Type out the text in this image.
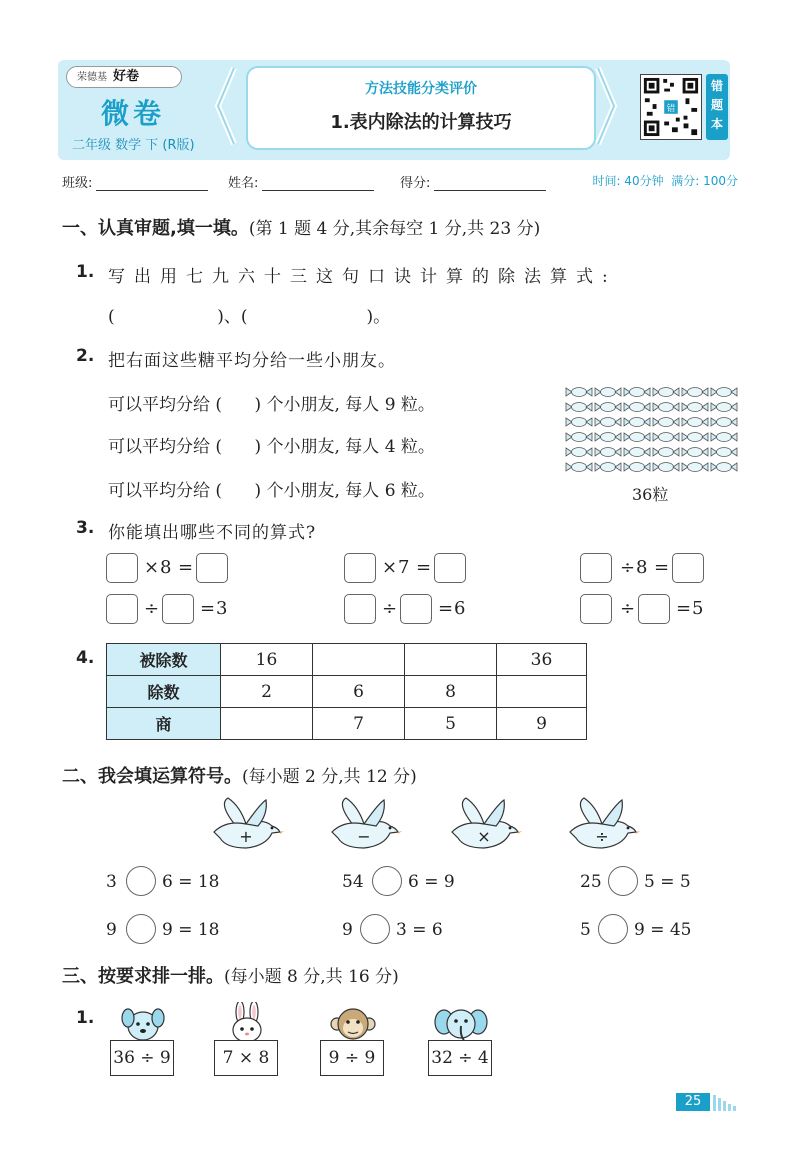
荣德基 好卷
微卷
二年级 数学 下 (R版)
错
错题本
方法技能分类评价
1.表内除法的计算技巧
班级:	姓名:	得分:	时间: 40分钟 满分: 100分
一、认真审题,填一填。(第 1 题 4 分,其余每空 1 分,共 23 分)
1. 写出用七九六十三这句口诀计算的除法算式:
(                   )、(                      )。
2. 把右面这些糖平均分给一些小朋友。
可以平均分给 (      ) 个小朋友, 每人 9 粒。
可以平均分给 (      ) 个小朋友, 每人 4 粒。
可以平均分给 (      ) 个小朋友, 每人 6 粒。	36粒
3. 你能填出哪些不同的算式?
× 8 =	× 7 =	÷ 8 =
÷ = 3	÷ = 6	÷ = 5
4.	被除数	16			36
除数	2	6	8	
商		7	5	9
二、我会填运算符号。(每小题 2 分,共 12 分)
+	−	×	÷
3	6 = 18	54	6 = 9	25 5 = 5
9	9 = 18	9	3 = 6	5	9 = 45
三、按要求排一排。(每小题 8 分,共 16 分)
1.
36 ÷ 9	7 × 8	9 ÷ 9	32 ÷ 4
25
